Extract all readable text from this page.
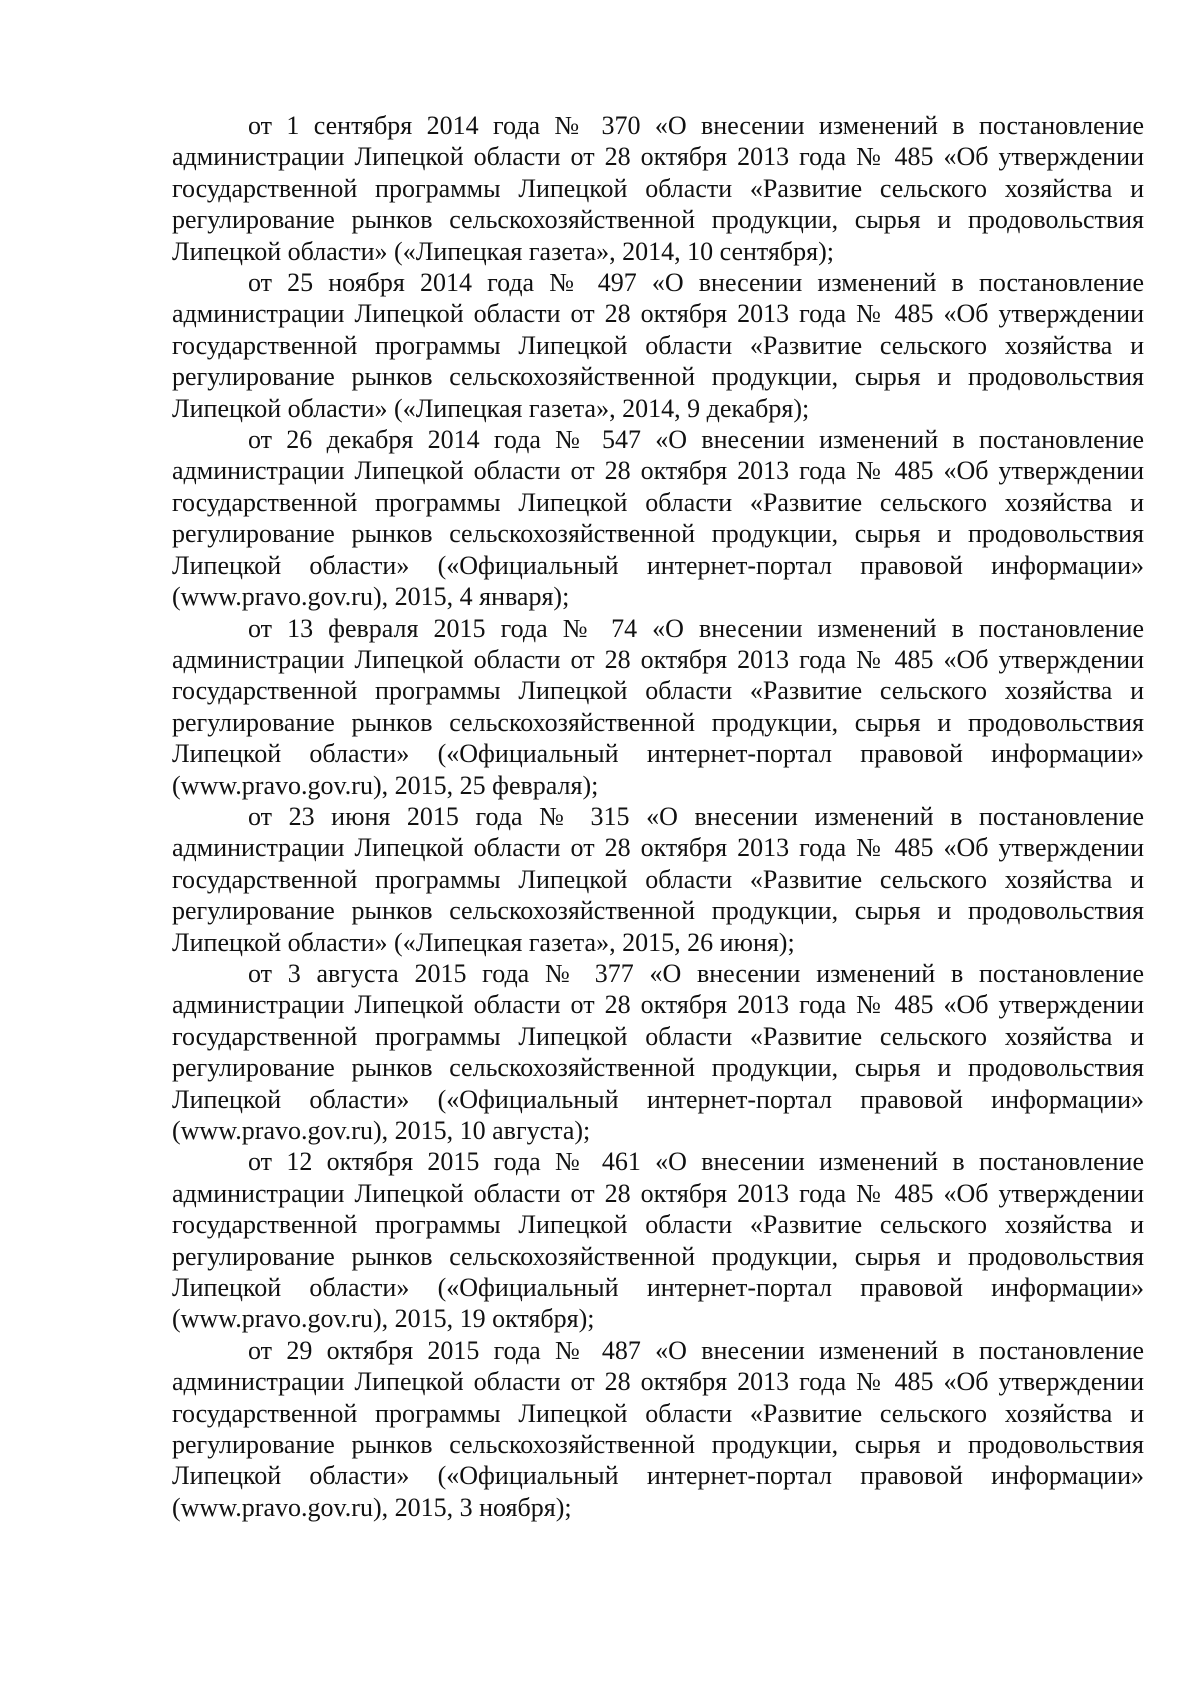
от 1 сентября 2014 года № 370 «О внесении изменений в постановление администрации Липецкой области от 28 октября 2013 года № 485 «Об утверждении государственной программы Липецкой области «Развитие сельского хозяйства и регулирование рынков сельскохозяйственной продукции, сырья и продовольствия Липецкой области» («Липецкая газета», 2014, 10 сентября);

от 25 ноября 2014 года № 497 «О внесении изменений в постановление администрации Липецкой области от 28 октября 2013 года № 485 «Об утверждении государственной программы Липецкой области «Развитие сельского хозяйства и регулирование рынков сельскохозяйственной продукции, сырья и продовольствия Липецкой области» («Липецкая газета», 2014, 9 декабря);

от 26 декабря 2014 года № 547 «О внесении изменений в постановление администрации Липецкой области от 28 октября 2013 года № 485 «Об утверждении государственной программы Липецкой области «Развитие сельского хозяйства и регулирование рынков сельскохозяйственной продукции, сырья и продовольствия Липецкой области» («Официальный интернет-портал правовой информации» (www.pravo.gov.ru), 2015, 4 января);

от 13 февраля 2015 года № 74 «О внесении изменений в постановление администрации Липецкой области от 28 октября 2013 года № 485 «Об утверждении государственной программы Липецкой области «Развитие сельского хозяйства и регулирование рынков сельскохозяйственной продукции, сырья и продовольствия Липецкой области» («Официальный интернет-портал правовой информации» (www.pravo.gov.ru), 2015, 25 февраля);

от 23 июня 2015 года № 315 «О внесении изменений в постановление администрации Липецкой области от 28 октября 2013 года № 485 «Об утверждении государственной программы Липецкой области «Развитие сельского хозяйства и регулирование рынков сельскохозяйственной продукции, сырья и продовольствия Липецкой области» («Липецкая газета», 2015, 26 июня);

от 3 августа 2015 года № 377 «О внесении изменений в постановление администрации Липецкой области от 28 октября 2013 года № 485 «Об утверждении государственной программы Липецкой области «Развитие сельского хозяйства и регулирование рынков сельскохозяйственной продукции, сырья и продовольствия Липецкой области» («Официальный интернет-портал правовой информации» (www.pravo.gov.ru), 2015, 10 августа);

от 12 октября 2015 года № 461 «О внесении изменений в постановление администрации Липецкой области от 28 октября 2013 года № 485 «Об утверждении государственной программы Липецкой области «Развитие сельского хозяйства и регулирование рынков сельскохозяйственной продукции, сырья и продовольствия Липецкой области» («Официальный интернет-портал правовой информации» (www.pravo.gov.ru), 2015, 19 октября);

от 29 октября 2015 года № 487 «О внесении изменений в постановление администрации Липецкой области от 28 октября 2013 года № 485 «Об утверждении государственной программы Липецкой области «Развитие сельского хозяйства и регулирование рынков сельскохозяйственной продукции, сырья и продовольствия Липецкой области» («Официальный интернет-портал правовой информации» (www.pravo.gov.ru), 2015, 3 ноября);
